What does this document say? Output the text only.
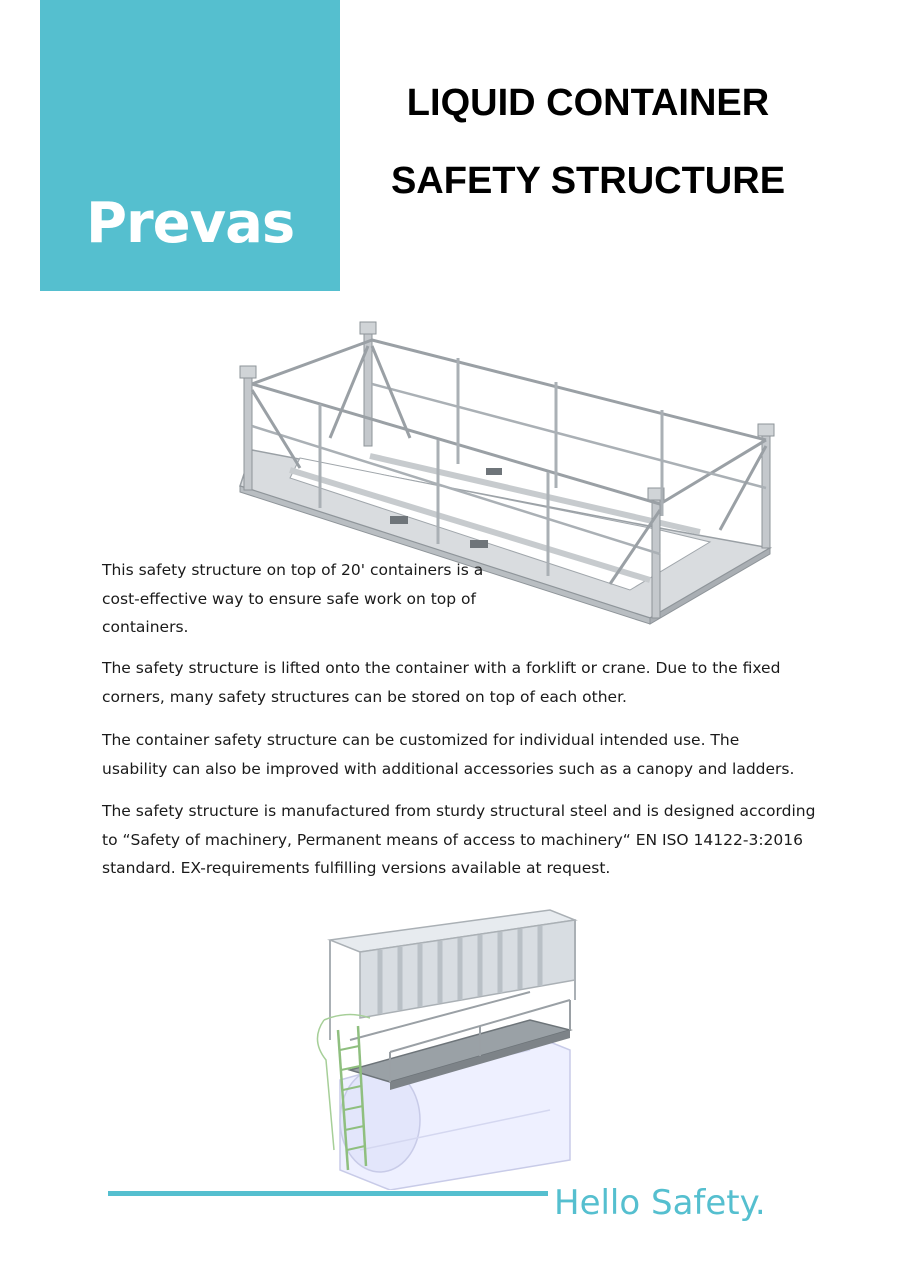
Prevas
LIQUID CONTAINER
SAFETY STRUCTURE

This safety structure on top of 20' containers is a cost-effective way to ensure safe work on top of containers.

The safety structure is lifted onto the container with a forklift or crane. Due to the fixed corners, many safety structures can be stored on top of each other.

The container safety structure can be customized for individual intended use. The usability can also be improved with additional accessories such as a canopy and ladders.

The safety structure is manufactured from sturdy structural steel and is designed according to “Safety of machinery, Permanent means of access to machinery“ EN ISO 14122-3:2016 standard. EX-requirements fulfilling versions available at request.

Hello Safety.
